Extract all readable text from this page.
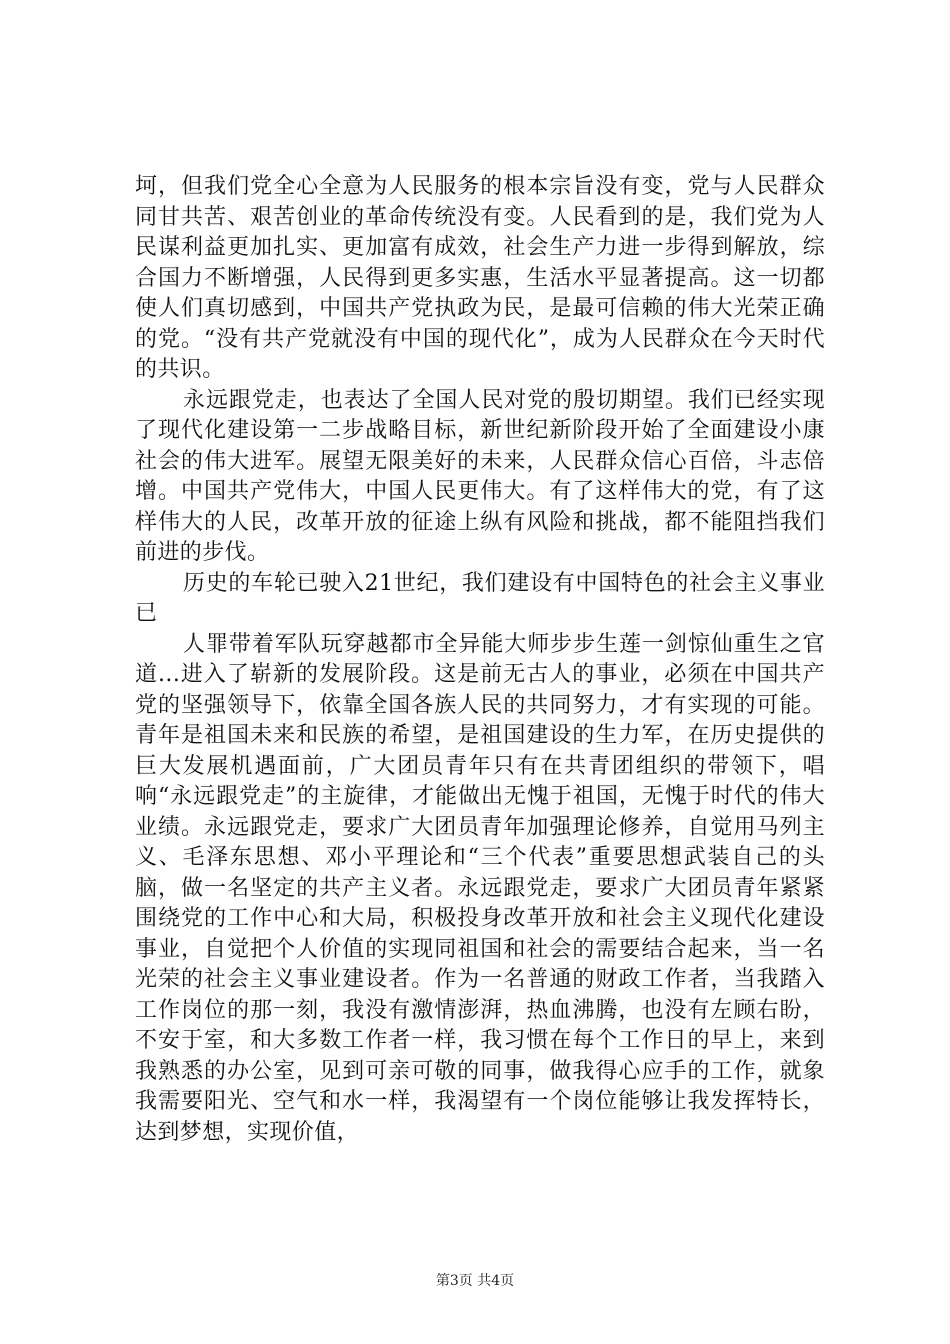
坷，但我们党全心全意为人民服务的根本宗旨没有变，党与人民群众同甘共苦、艰苦创业的革命传统没有变。人民看到的是，我们党为人民谋利益更加扎实、更加富有成效，社会生产力进一步得到解放，综合国力不断增强，人民得到更多实惠，生活水平显著提高。这一切都使人们真切感到，中国共产党执政为民，是最可信赖的伟大光荣正确的党。“没有共产党就没有中国的现代化”，成为人民群众在今天时代的共识。

永远跟党走，也表达了全国人民对党的殷切期望。我们已经实现了现代化建设第一二步战略目标，新世纪新阶段开始了全面建设小康社会的伟大进军。展望无限美好的未来，人民群众信心百倍，斗志倍增。中国共产党伟大，中国人民更伟大。有了这样伟大的党，有了这样伟大的人民，改革开放的征途上纵有风险和挑战，都不能阻挡我们前进的步伐。

历史的车轮已驶入21世纪，我们建设有中国特色的社会主义事业已

人罪带着军队玩穿越都市全异能大师步步生莲一剑惊仙重生之官道...进入了崭新的发展阶段。这是前无古人的事业，必须在中国共产党的坚强领导下，依靠全国各族人民的共同努力，才有实现的可能。青年是祖国未来和民族的希望，是祖国建设的生力军，在历史提供的巨大发展机遇面前，广大团员青年只有在共青团组织的带领下，唱响“永远跟党走”的主旋律，才能做出无愧于祖国，无愧于时代的伟大业绩。永远跟党走，要求广大团员青年加强理论修养，自觉用马列主义、毛泽东思想、邓小平理论和“三个代表”重要思想武装自己的头脑，做一名坚定的共产主义者。永远跟党走，要求广大团员青年紧紧围绕党的工作中心和大局，积极投身改革开放和社会主义现代化建设事业，自觉把个人价值的实现同祖国和社会的需要结合起来，当一名光荣的社会主义事业建设者。作为一名普通的财政工作者，当我踏入工作岗位的那一刻，我没有激情澎湃，热血沸腾，也没有左顾右盼，不安于室，和大多数工作者一样，我习惯在每个工作日的早上，来到我熟悉的办公室，见到可亲可敬的同事，做我得心应手的工作，就象我需要阳光、空气和水一样，我渴望有一个岗位能够让我发挥特长，达到梦想，实现价值，

第3页 共4页
